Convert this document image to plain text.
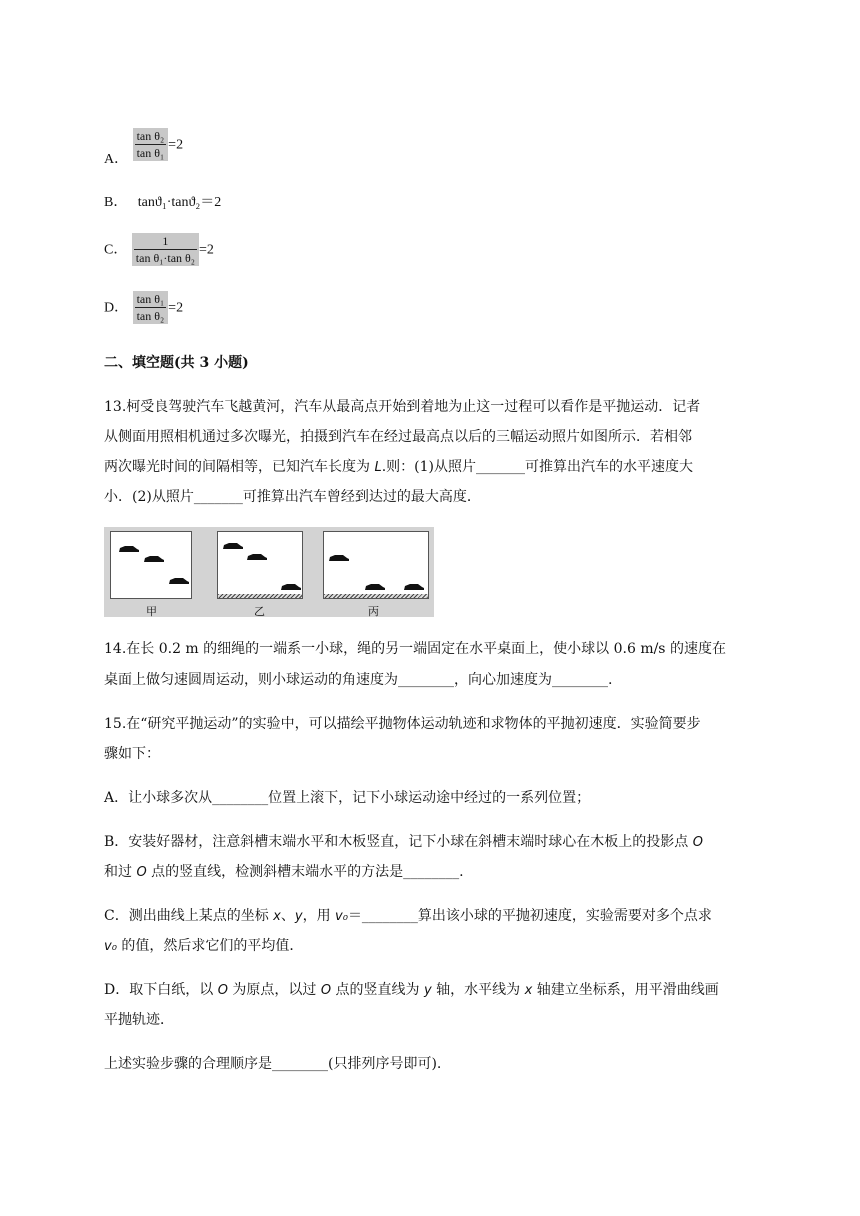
A． $\frac{\text{tan θ₂}}{\text{tan θ₁}} =2$
B． tanϑ₁·tanϑ₂＝2
C． $\frac{1}{\text{tan θ₁·tan θ₂}} =2$
D． $\frac{\text{tan θ₁}}{\text{tan θ₂}} =2$
二、填空题(共 3 小题)
13.柯受良驾驶汽车飞越黄河，汽车从最高点开始到着地为止这一过程可以看作是平抛运动．记者
从侧面用照相机通过多次曝光，拍摄到汽车在经过最高点以后的三幅运动照片如图所示．若相邻
两次曝光时间的间隔相等，已知汽车长度为 L.则：(1)从照片_______可推算出汽车的水平速度大
小．(2)从照片_______可推算出汽车曾经到达过的最大高度．
甲	乙	丙
14.在长 0.2 m 的细绳的一端系一小球，绳的另一端固定在水平桌面上，使小球以 0.6 m/s 的速度在
桌面上做匀速圆周运动，则小球运动的角速度为________，向心加速度为________.
15.在“研究平抛运动”的实验中，可以描绘平抛物体运动轨迹和求物体的平抛初速度．实验简要步
骤如下：
A．让小球多次从________位置上滚下，记下小球运动途中经过的一系列位置；
B．安装好器材，注意斜槽末端水平和木板竖直，记下小球在斜槽末端时球心在木板上的投影点 O
和过 O 点的竖直线，检测斜槽末端水平的方法是________.
C．测出曲线上某点的坐标 x、y，用 v₀＝________算出该小球的平抛初速度，实验需要对多个点求
v₀ 的值，然后求它们的平均值．
D．取下白纸，以 O 为原点，以过 O 点的竖直线为 y 轴，水平线为 x 轴建立坐标系，用平滑曲线画
平抛轨迹．
上述实验步骤的合理顺序是________(只排列序号即可).
